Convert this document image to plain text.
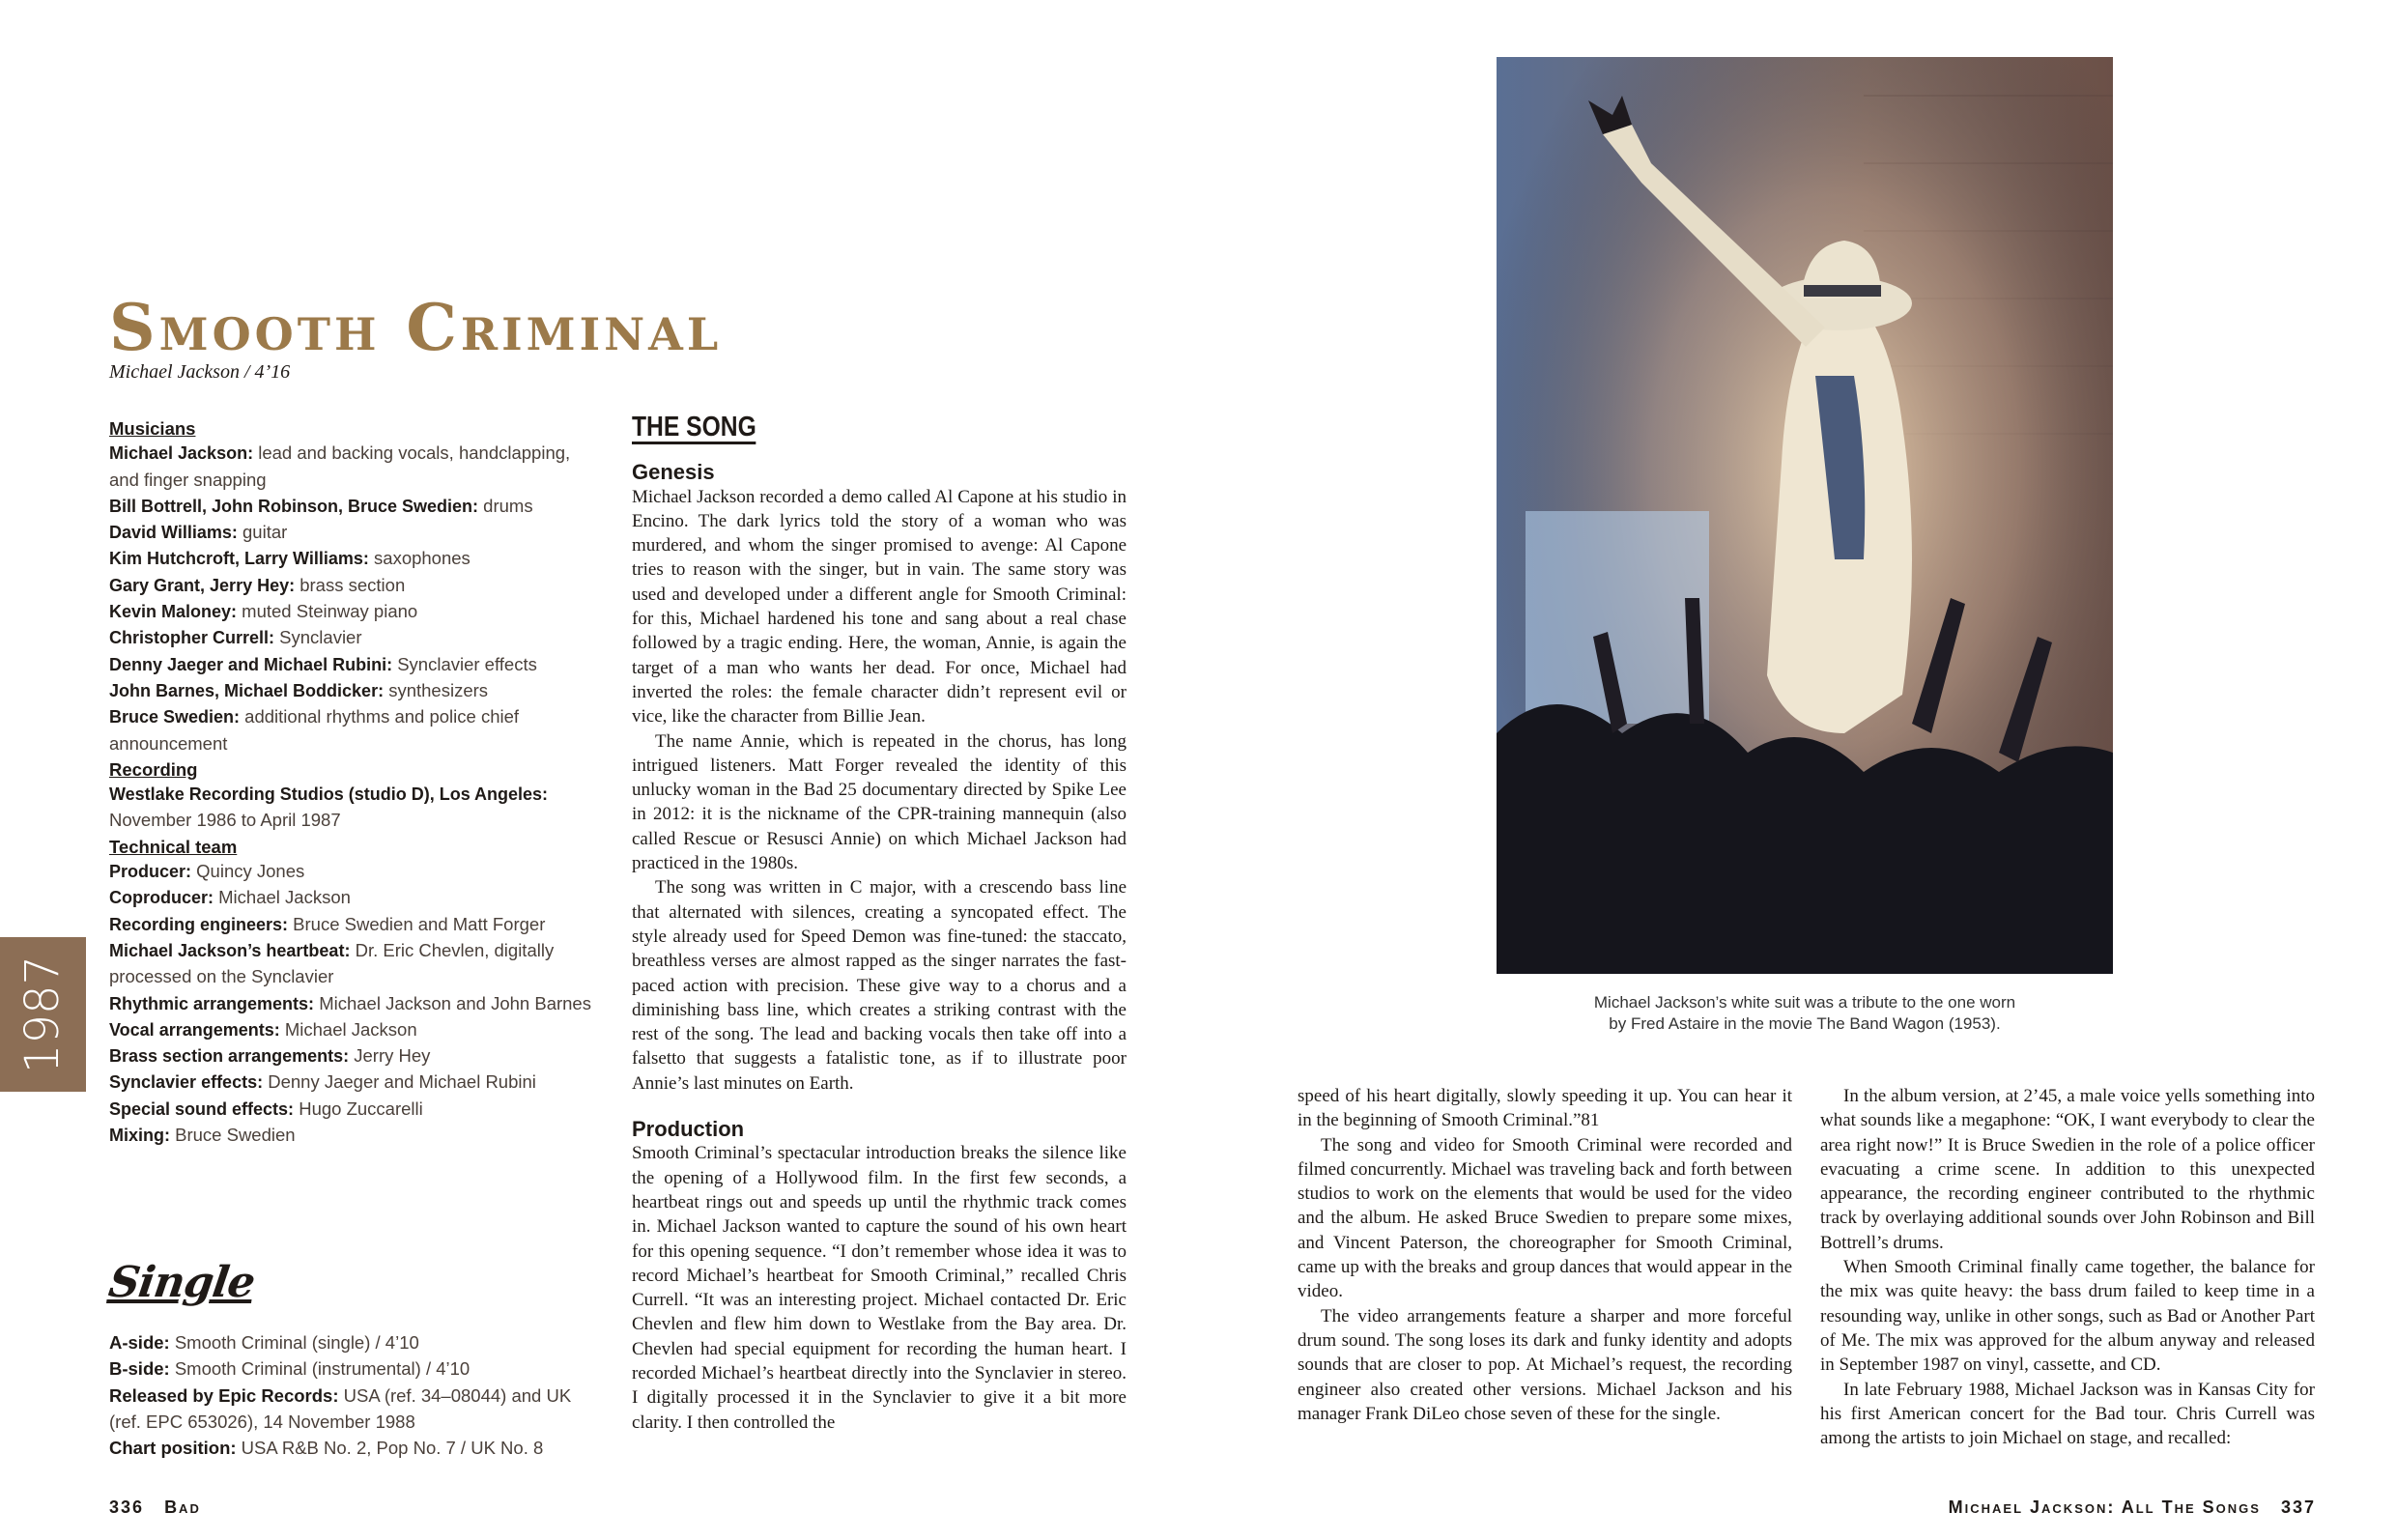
Smooth Criminal
Michael Jackson / 4’16
1987
Musicians
Michael Jackson: lead and backing vocals, handclapping, and finger snapping
Bill Bottrell, John Robinson, Bruce Swedien: drums
David Williams: guitar
Kim Hutchcroft, Larry Williams: saxophones
Gary Grant, Jerry Hey: brass section
Kevin Maloney: muted Steinway piano
Christopher Currell: Synclavier
Denny Jaeger and Michael Rubini: Synclavier effects
John Barnes, Michael Boddicker: synthesizers
Bruce Swedien: additional rhythms and police chief announcement
Recording
Westlake Recording Studios (studio D), Los Angeles: November 1986 to April 1987
Technical team
Producer: Quincy Jones
Coproducer: Michael Jackson
Recording engineers: Bruce Swedien and Matt Forger
Michael Jackson’s heartbeat: Dr. Eric Chevlen, digitally processed on the Synclavier
Rhythmic arrangements: Michael Jackson and John Barnes
Vocal arrangements: Michael Jackson
Brass section arrangements: Jerry Hey
Synclavier effects: Denny Jaeger and Michael Rubini
Special sound effects: Hugo Zuccarelli
Mixing: Bruce Swedien
Single
A-side: Smooth Criminal (single) / 4’10
B-side: Smooth Criminal (instrumental) / 4’10
Released by Epic Records: USA (ref. 34–08044) and UK (ref. EPC 653026), 14 November 1988
Chart position: USA R&B No. 2, Pop No. 7 / UK No. 8
THE SONG
Genesis

Michael Jackson recorded a demo called Al Capone at his studio in Encino. The dark lyrics told the story of a woman who was murdered, and whom the singer promised to avenge: Al Capone tries to reason with the singer, but in vain. The same story was used and developed under a different angle for Smooth Criminal: for this, Michael hardened his tone and sang about a real chase followed by a tragic ending. Here, the woman, Annie, is again the target of a man who wants her dead. For once, Michael had inverted the roles: the female character didn’t represent evil or vice, like the character from Billie Jean.

The name Annie, which is repeated in the chorus, has long intrigued listeners. Matt Forger revealed the identity of this unlucky woman in the Bad 25 documentary directed by Spike Lee in 2012: it is the nickname of the CPR-training mannequin (also called Rescue or Resusci Annie) on which Michael Jackson had practiced in the 1980s.

The song was written in C major, with a crescendo bass line that alternated with silences, creating a syncopated effect. The style already used for Speed Demon was fine-tuned: the staccato, breathless verses are almost rapped as the singer narrates the fast-paced action with precision. These give way to a chorus and a diminishing bass line, which creates a striking contrast with the rest of the song. The lead and backing vocals then take off into a falsetto that suggests a fatalistic tone, as if to illustrate poor Annie’s last minutes on Earth.

Production

Smooth Criminal’s spectacular introduction breaks the silence like the opening of a Hollywood film. In the first few seconds, a heartbeat rings out and speeds up until the rhythmic track comes in. Michael Jackson wanted to capture the sound of his own heart for this opening sequence. “I don’t remember whose idea it was to record Michael’s heartbeat for Smooth Criminal,” recalled Chris Currell. “It was an interesting project. Michael contacted Dr. Eric Chevlen and flew him down to Westlake from the Bay area. Dr. Chevlen had special equipment for recording the human heart. I recorded Michael’s heartbeat directly into the Synclavier in stereo. I digitally processed it in the Synclavier to give it a bit more clarity. I then controlled the

336 Bad
Michael Jackson’s white suit was a tribute to the one worn
by Fred Astaire in the movie The Band Wagon (1953).

speed of his heart digitally, slowly speeding it up. You can hear it in the beginning of Smooth Criminal.”81

The song and video for Smooth Criminal were recorded and filmed concurrently. Michael was traveling back and forth between studios to work on the elements that would be used for the video and the album. He asked Bruce Swedien to prepare some mixes, and Vincent Paterson, the choreographer for Smooth Criminal, came up with the breaks and group dances that would appear in the video.

The video arrangements feature a sharper and more forceful drum sound. The song loses its dark and funky identity and adopts sounds that are closer to pop. At Michael’s request, the recording engineer also created other versions. Michael Jackson and his manager Frank DiLeo chose seven of these for the single.

In the album version, at 2’45, a male voice yells something into what sounds like a megaphone: “OK, I want everybody to clear the area right now!” It is Bruce Swedien in the role of a police officer evacuating a crime scene. In addition to this unexpected appearance, the recording engineer contributed to the rhythmic track by overlaying additional sounds over John Robinson and Bill Bottrell’s drums.

When Smooth Criminal finally came together, the balance for the mix was quite heavy: the bass drum failed to keep time in a resounding way, unlike in other songs, such as Bad or Another Part of Me. The mix was approved for the album anyway and released in September 1987 on vinyl, cassette, and CD.

In late February 1988, Michael Jackson was in Kansas City for his first American concert for the Bad tour. Chris Currell was among the artists to join Michael on stage, and recalled:

Michael Jackson: All The Songs 337
